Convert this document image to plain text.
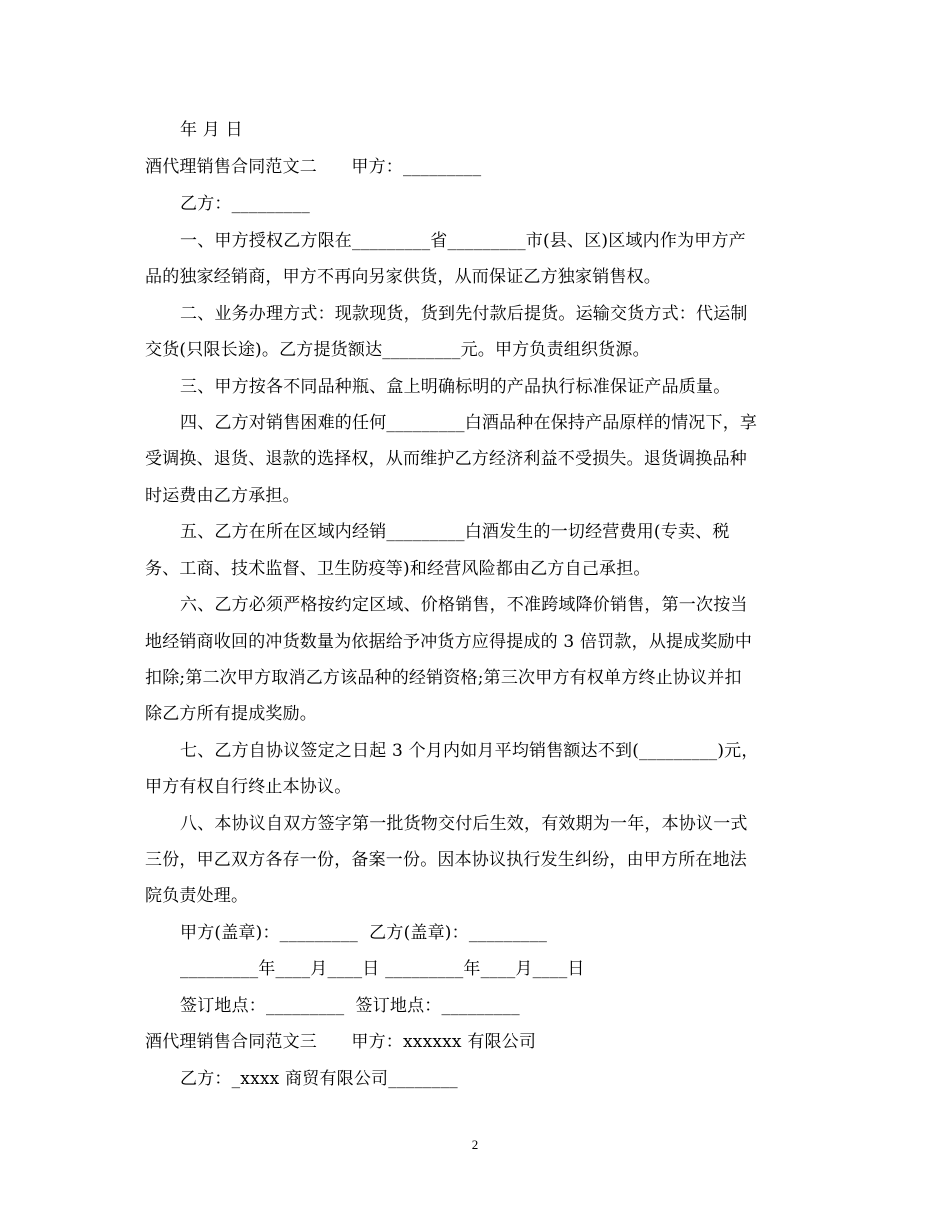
年 月 日
酒代理销售合同范文二　　甲方：_________
乙方：_________
一、甲方授权乙方限在_________省_________市(县、区)区域内作为甲方产
品的独家经销商，甲方不再向另家供货，从而保证乙方独家销售权。
二、业务办理方式：现款现货，货到先付款后提货。运输交货方式：代运制
交货(只限长途)。乙方提货额达_________元。甲方负责组织货源。
三、甲方按各不同品种瓶、盒上明确标明的产品执行标准保证产品质量。
四、乙方对销售困难的任何_________白酒品种在保持产品原样的情况下，享
受调换、退货、退款的选择权，从而维护乙方经济利益不受损失。退货调换品种
时运费由乙方承担。
五、乙方在所在区域内经销_________白酒发生的一切经营费用(专卖、税
务、工商、技术监督、卫生防疫等)和经营风险都由乙方自己承担。
六、乙方必须严格按约定区域、价格销售，不准跨域降价销售，第一次按当
地经销商收回的冲货数量为依据给予冲货方应得提成的 3 倍罚款，从提成奖励中
扣除;第二次甲方取消乙方该品种的经销资格;第三次甲方有权单方终止协议并扣
除乙方所有提成奖励。
七、乙方自协议签定之日起 3 个月内如月平均销售额达不到(_________)元，
甲方有权自行终止本协议。
八、本协议自双方签字第一批货物交付后生效，有效期为一年，本协议一式
三份，甲乙双方各存一份，备案一份。因本协议执行发生纠纷，由甲方所在地法
院负责处理。
甲方(盖章)：_________  乙方(盖章)：_________
_________年____月____日 _________年____月____日
签订地点：_________  签订地点：_________
酒代理销售合同范文三　　甲方：xxxxxx 有限公司
乙方：_xxxx 商贸有限公司________
2
